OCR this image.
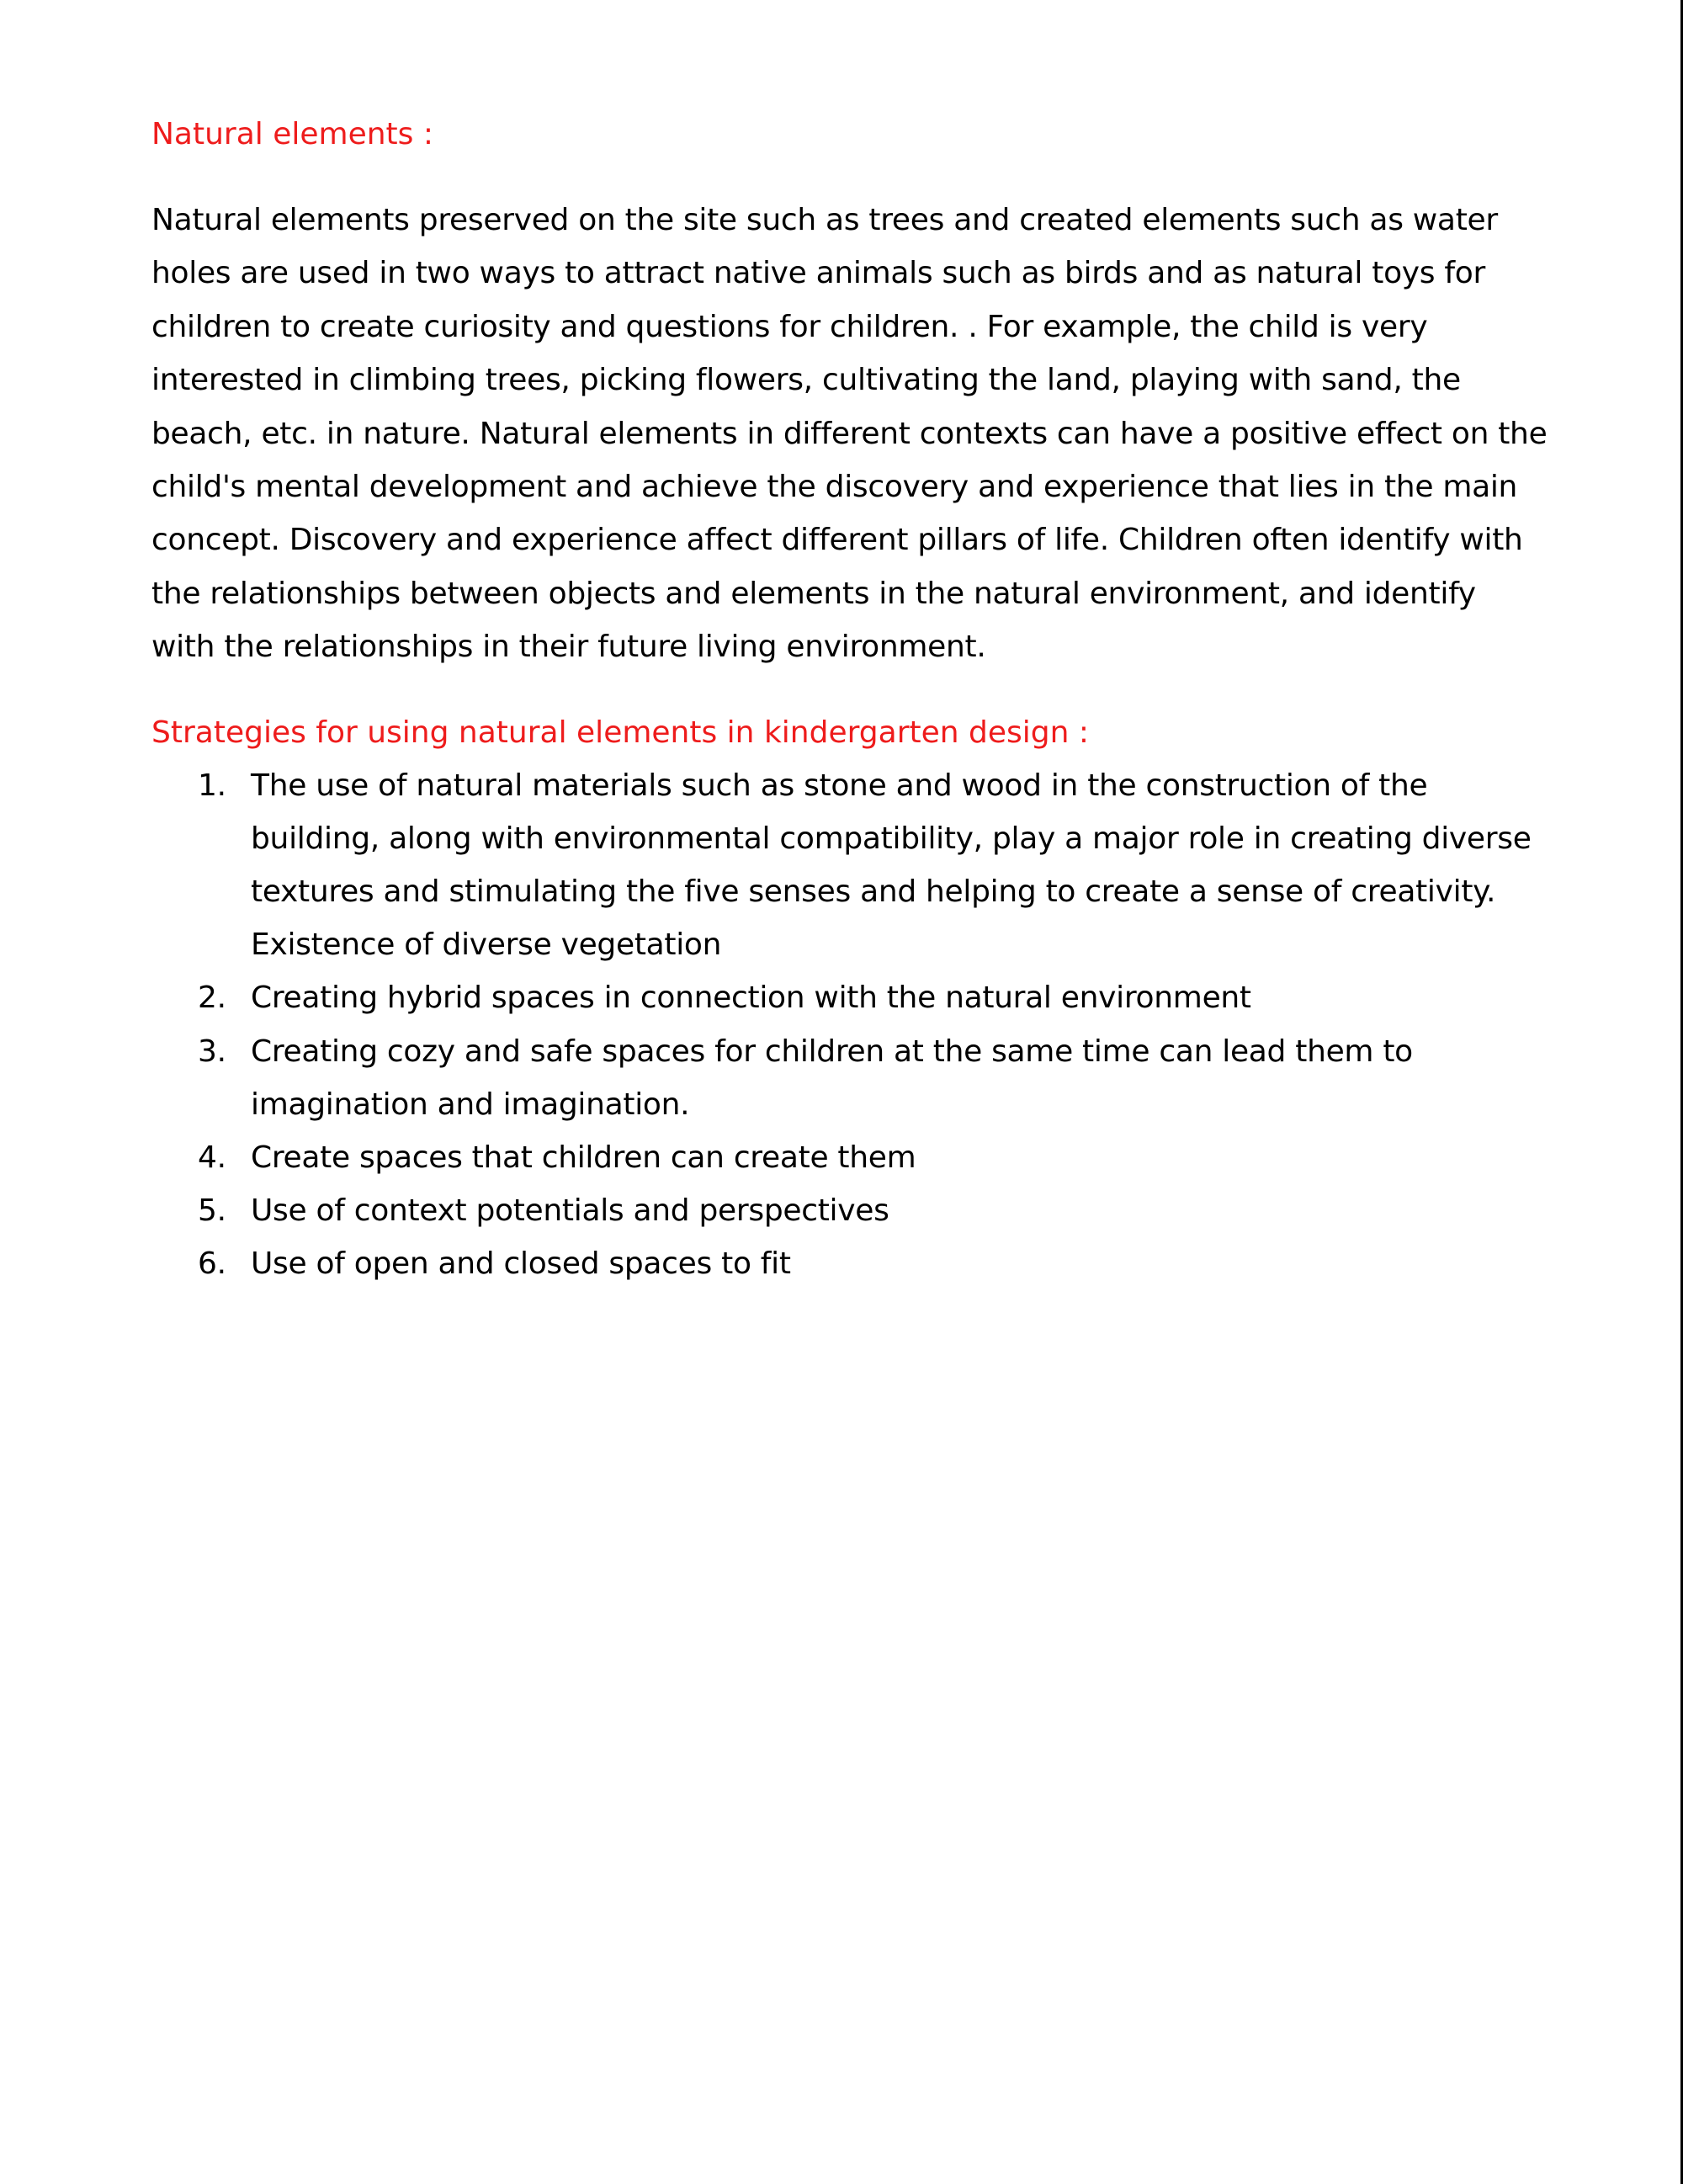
Natural elements :

Natural elements preserved on the site such as trees and created elements such as water holes are used in two ways to attract native animals such as birds and as natural toys for children to create curiosity and questions for children. . For example, the child is very interested in climbing trees, picking flowers, cultivating the land, playing with sand, the beach, etc. in nature. Natural elements in different contexts can have a positive effect on the child's mental development and achieve the discovery and experience that lies in the main concept. Discovery and experience affect different pillars of life. Children often identify with the relationships between objects and elements in the natural environment, and identify with the relationships in their future living environment.

Strategies for using natural elements in kindergarten design :
1. The use of natural materials such as stone and wood in the construction of the building, along with environmental compatibility, play a major role in creating diverse textures and stimulating the five senses and helping to create a sense of creativity. Existence of diverse vegetation
2. Creating hybrid spaces in connection with the natural environment
3. Creating cozy and safe spaces for children at the same time can lead them to imagination and imagination.
4. Create spaces that children can create them
5. Use of context potentials and perspectives
6. Use of open and closed spaces to fit
